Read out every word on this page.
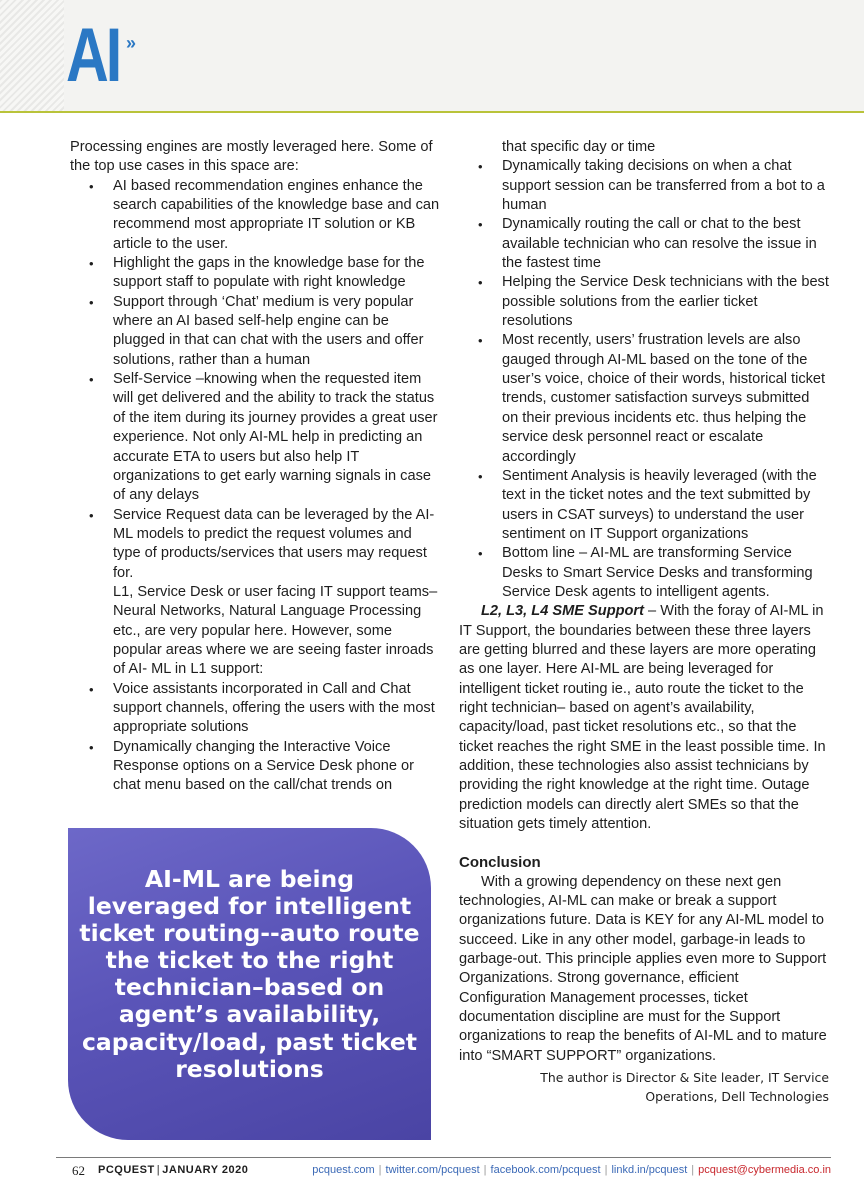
AI »

Processing engines are mostly leveraged here. Some of the top use cases in this space are:

• AI based recommendation engines enhance the search capabilities of the knowledge base and can recommend most appropriate IT solution or KB article to the user.
• Highlight the gaps in the knowledge base for the support staff to populate with right knowledge
• Support through ‘Chat’ medium is very popular where an AI based self-help engine can be plugged in that can chat with the users and offer solutions, rather than a human
• Self-Service –knowing when the requested item will get delivered and the ability to track the status of the item during its journey provides a great user experience. Not only AI-ML help in predicting an accurate ETA to users but also help IT organizations to get early warning signals in case of any delays
• Service Request data can be leveraged by the AI-ML models to predict the request volumes and type of products/services that users may request for.

L1, Service Desk or user facing IT support teams–Neural Networks, Natural Language Processing etc., are very popular here. However, some popular areas where we are seeing faster inroads of AI- ML in L1 support:

• Voice assistants incorporated in Call and Chat support channels, offering the users with the most appropriate solutions
• Dynamically changing the Interactive Voice Response options on a Service Desk phone or chat menu based on the call/chat trends on
AI-ML are being leveraged for intelligent ticket routing--auto route the ticket to the right technician–based on agent’s availability, capacity/load, past ticket resolutions

that specific day or time

• Dynamically taking decisions on when a chat support session can be transferred from a bot to a human
• Dynamically routing the call or chat to the best available technician who can resolve the issue in the fastest time
• Helping the Service Desk technicians with the best possible solutions from the earlier ticket resolutions
• Most recently, users’ frustration levels are also gauged through AI-ML based on the tone of the user’s voice, choice of their words, historical ticket trends, customer satisfaction surveys submitted on their previous incidents etc. thus helping the service desk personnel react or escalate accordingly
• Sentiment Analysis is heavily leveraged (with the text in the ticket notes and the text submitted by users in CSAT surveys) to understand the user sentiment on IT Support organizations
• Bottom line – AI-ML are transforming Service Desks to Smart Service Desks and transforming Service Desk agents to intelligent agents.

L2, L3, L4 SME Support – With the foray of AI-ML in IT Support, the boundaries between these three layers are getting blurred and these layers are more operating as one layer. Here AI-ML are being leveraged for intelligent ticket routing ie., auto route the ticket to the right technician– based on agent’s availability, capacity/load, past ticket resolutions etc., so that the ticket reaches the right SME in the least possible time. In addition, these technologies also assist technicians by providing the right knowledge at the right time. Outage prediction models can directly alert SMEs so that the situation gets timely attention.

Conclusion

With a growing dependency on these next gen technologies, AI-ML can make or break a support organizations future. Data is KEY for any AI-ML model to succeed. Like in any other model, garbage-in leads to garbage-out. This principle applies even more to Support Organizations. Strong governance, efficient Configuration Management processes, ticket documentation discipline are must for the Support organizations to reap the benefits of AI-ML and to mature into “SMART SUPPORT” organizations.

The author is Director & Site leader, IT Service
Operations, Dell Technologies

62 PCQUEST | JANUARY 2020	pcquest.com | twitter.com/pcquest | facebook.com/pcquest | linkd.in/pcquest | pcquest@cybermedia.co.in
